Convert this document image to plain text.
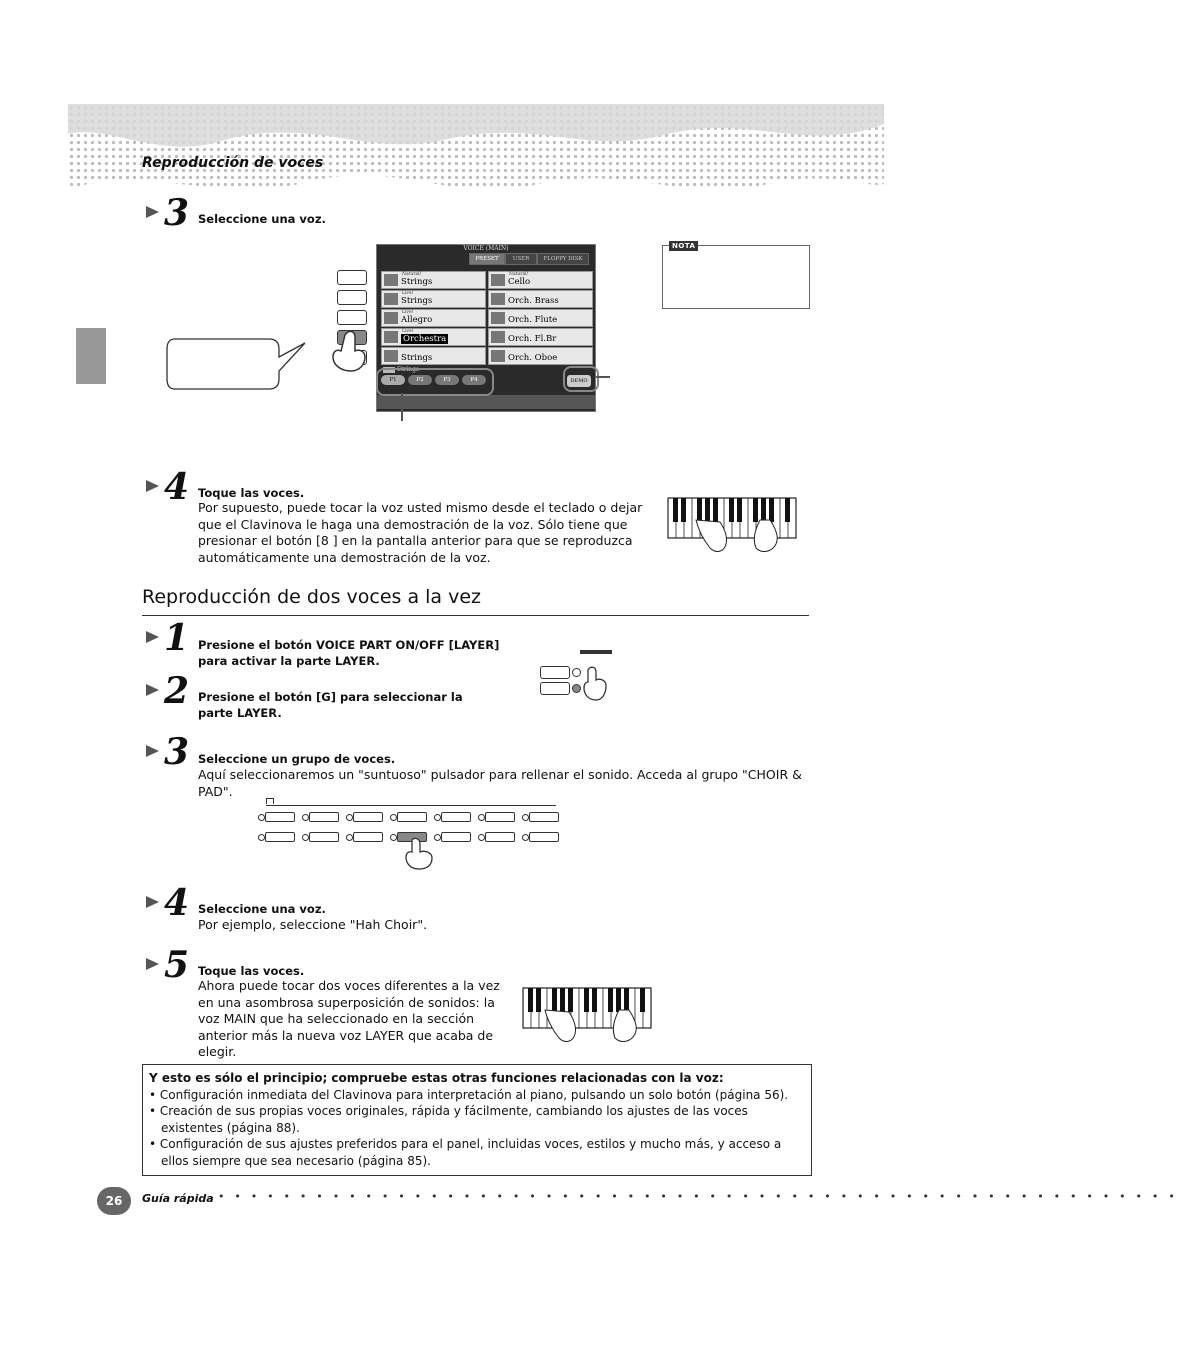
Reproducción de voces
3 Seleccione una voz.
VOICE (MAIN)
PRESET	USER	FLOPPY DISK
Natural!
Strings
Live!
Strings
Live!
Allegro
Live!
Orchestra
Strings
Natural!
Cello
Orch. Brass
Orch. Flute
Orch. Fl.Br
Orch. Oboe
Strings
P1	P2	P3	P4	DEMO
NOTA
4 Toque las voces.
Por supuesto, puede tocar la voz usted mismo desde el teclado o dejar que el Clavinova le haga una demostración de la voz. Sólo tiene que presionar el botón [8 ] en la pantalla anterior para que se reproduzca automáticamente una demostración de la voz.
Reproducción de dos voces a la vez
1 Presione el botón VOICE PART ON/OFF [LAYER] para activar la parte LAYER.
2 Presione el botón [G] para seleccionar la parte LAYER.
3 Seleccione un grupo de voces.
Aquí seleccionaremos un "suntuoso" pulsador para rellenar el sonido. Acceda al grupo "CHOIR & PAD".
4 Seleccione una voz.
Por ejemplo, seleccione "Hah Choir".
5 Toque las voces.
Ahora puede tocar dos voces diferentes a la vez en una asombrosa superposición de sonidos: la voz MAIN que ha seleccionado en la sección anterior más la nueva voz LAYER que acaba de elegir.
Y esto es sólo el principio; compruebe estas otras funciones relacionadas con la voz:
• Configuración inmediata del Clavinova para interpretación al piano, pulsando un solo botón (página 56).
• Creación de sus propias voces originales, rápida y fácilmente, cambiando los ajustes de las voces existentes (página 88).
• Configuración de sus ajustes preferidos para el panel, incluidas voces, estilos y mucho más, y acceso a ellos siempre que sea necesario (página 85).
26	Guía rápida • • • • • • • • • • • • • • • • • • • • • • • • • • • • • • • • • • • • • • • • • • • • • • • • • • • • • • • • • • •
